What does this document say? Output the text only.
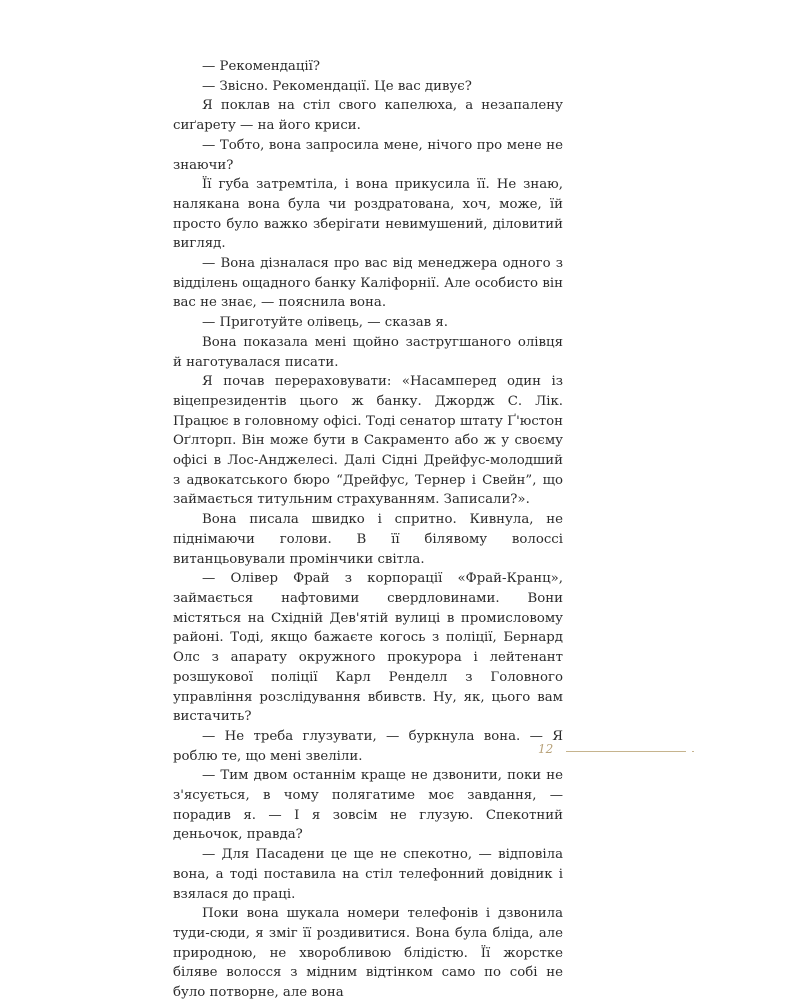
— Рекомендації?

— Звісно. Рекомендації. Це вас дивує?

Я поклав на стіл свого капелюха, а незапалену сиґарету — на його криси.

— Тобто, вона запросила мене, нічого про мене не знаючи?

Її губа затремтіла, і вона прикусила її. Не знаю, налякана вона була чи роздратована, хоч, може, їй просто було важко зберігати невимушений, діловитий вигляд.

— Вона дізналася про вас від менеджера одного з відділень ощадного банку Каліфорнії. Але особисто він вас не знає, — пояснила вона.

— Приготуйте олівець, — сказав я.

Вона показала мені щойно застругшаного олівця й наготувалася писати.

Я почав перераховувати: «Насамперед один із віцепрезидентів цього ж банку. Джордж С. Лік. Працює в головному офісі. Тоді сенатор штату Ґ'юстон Оґлторп. Він може бути в Сакраменто або ж у своєму офісі в Лос-Анджелесі. Далі Сідні Дрейфус-молодший з адвокатського бюро “Дрейфус, Тернер і Свейн”, що займається титульним страхуванням. Записали?».

Вона писала швидко і спритно. Кивнула, не піднімаючи голови. В її білявому волоссі витанцьовували промінчики світла.

— Олівер Фрай з корпорації «Фрай-Кранц», займається нафтовими свердловинами. Вони містяться на Східній Дев'ятій вулиці в промисловому районі. Тоді, якщо бажаєте когось з поліції, Бернард Олс з апарату окружного прокурора і лейтенант розшукової поліції Карл Ренделл з Головного управління розслідування вбивств. Ну, як, цього вам вистачить?

— Не треба глузувати, — буркнула вона. — Я роблю те, що мені звеліли.

— Тим двом останнім краще не дзвонити, поки не з'ясується, в чому полягатиме моє завдання, — порадив я. — І я зовсім не глузую. Спекотний деньочок, правда?

— Для Пасадени це ще не спекотно, — відповіла вона, а тоді поставила на стіл телефонний довідник і взялася до праці.

Поки вона шукала номери телефонів і дзвонила туди-сюди, я зміг її роздивитися. Вона була бліда, але природною, не хворобливою блідістю. Її жорстке біляве волосся з мідним відтінком само по собі не було потворне, але вона

12
